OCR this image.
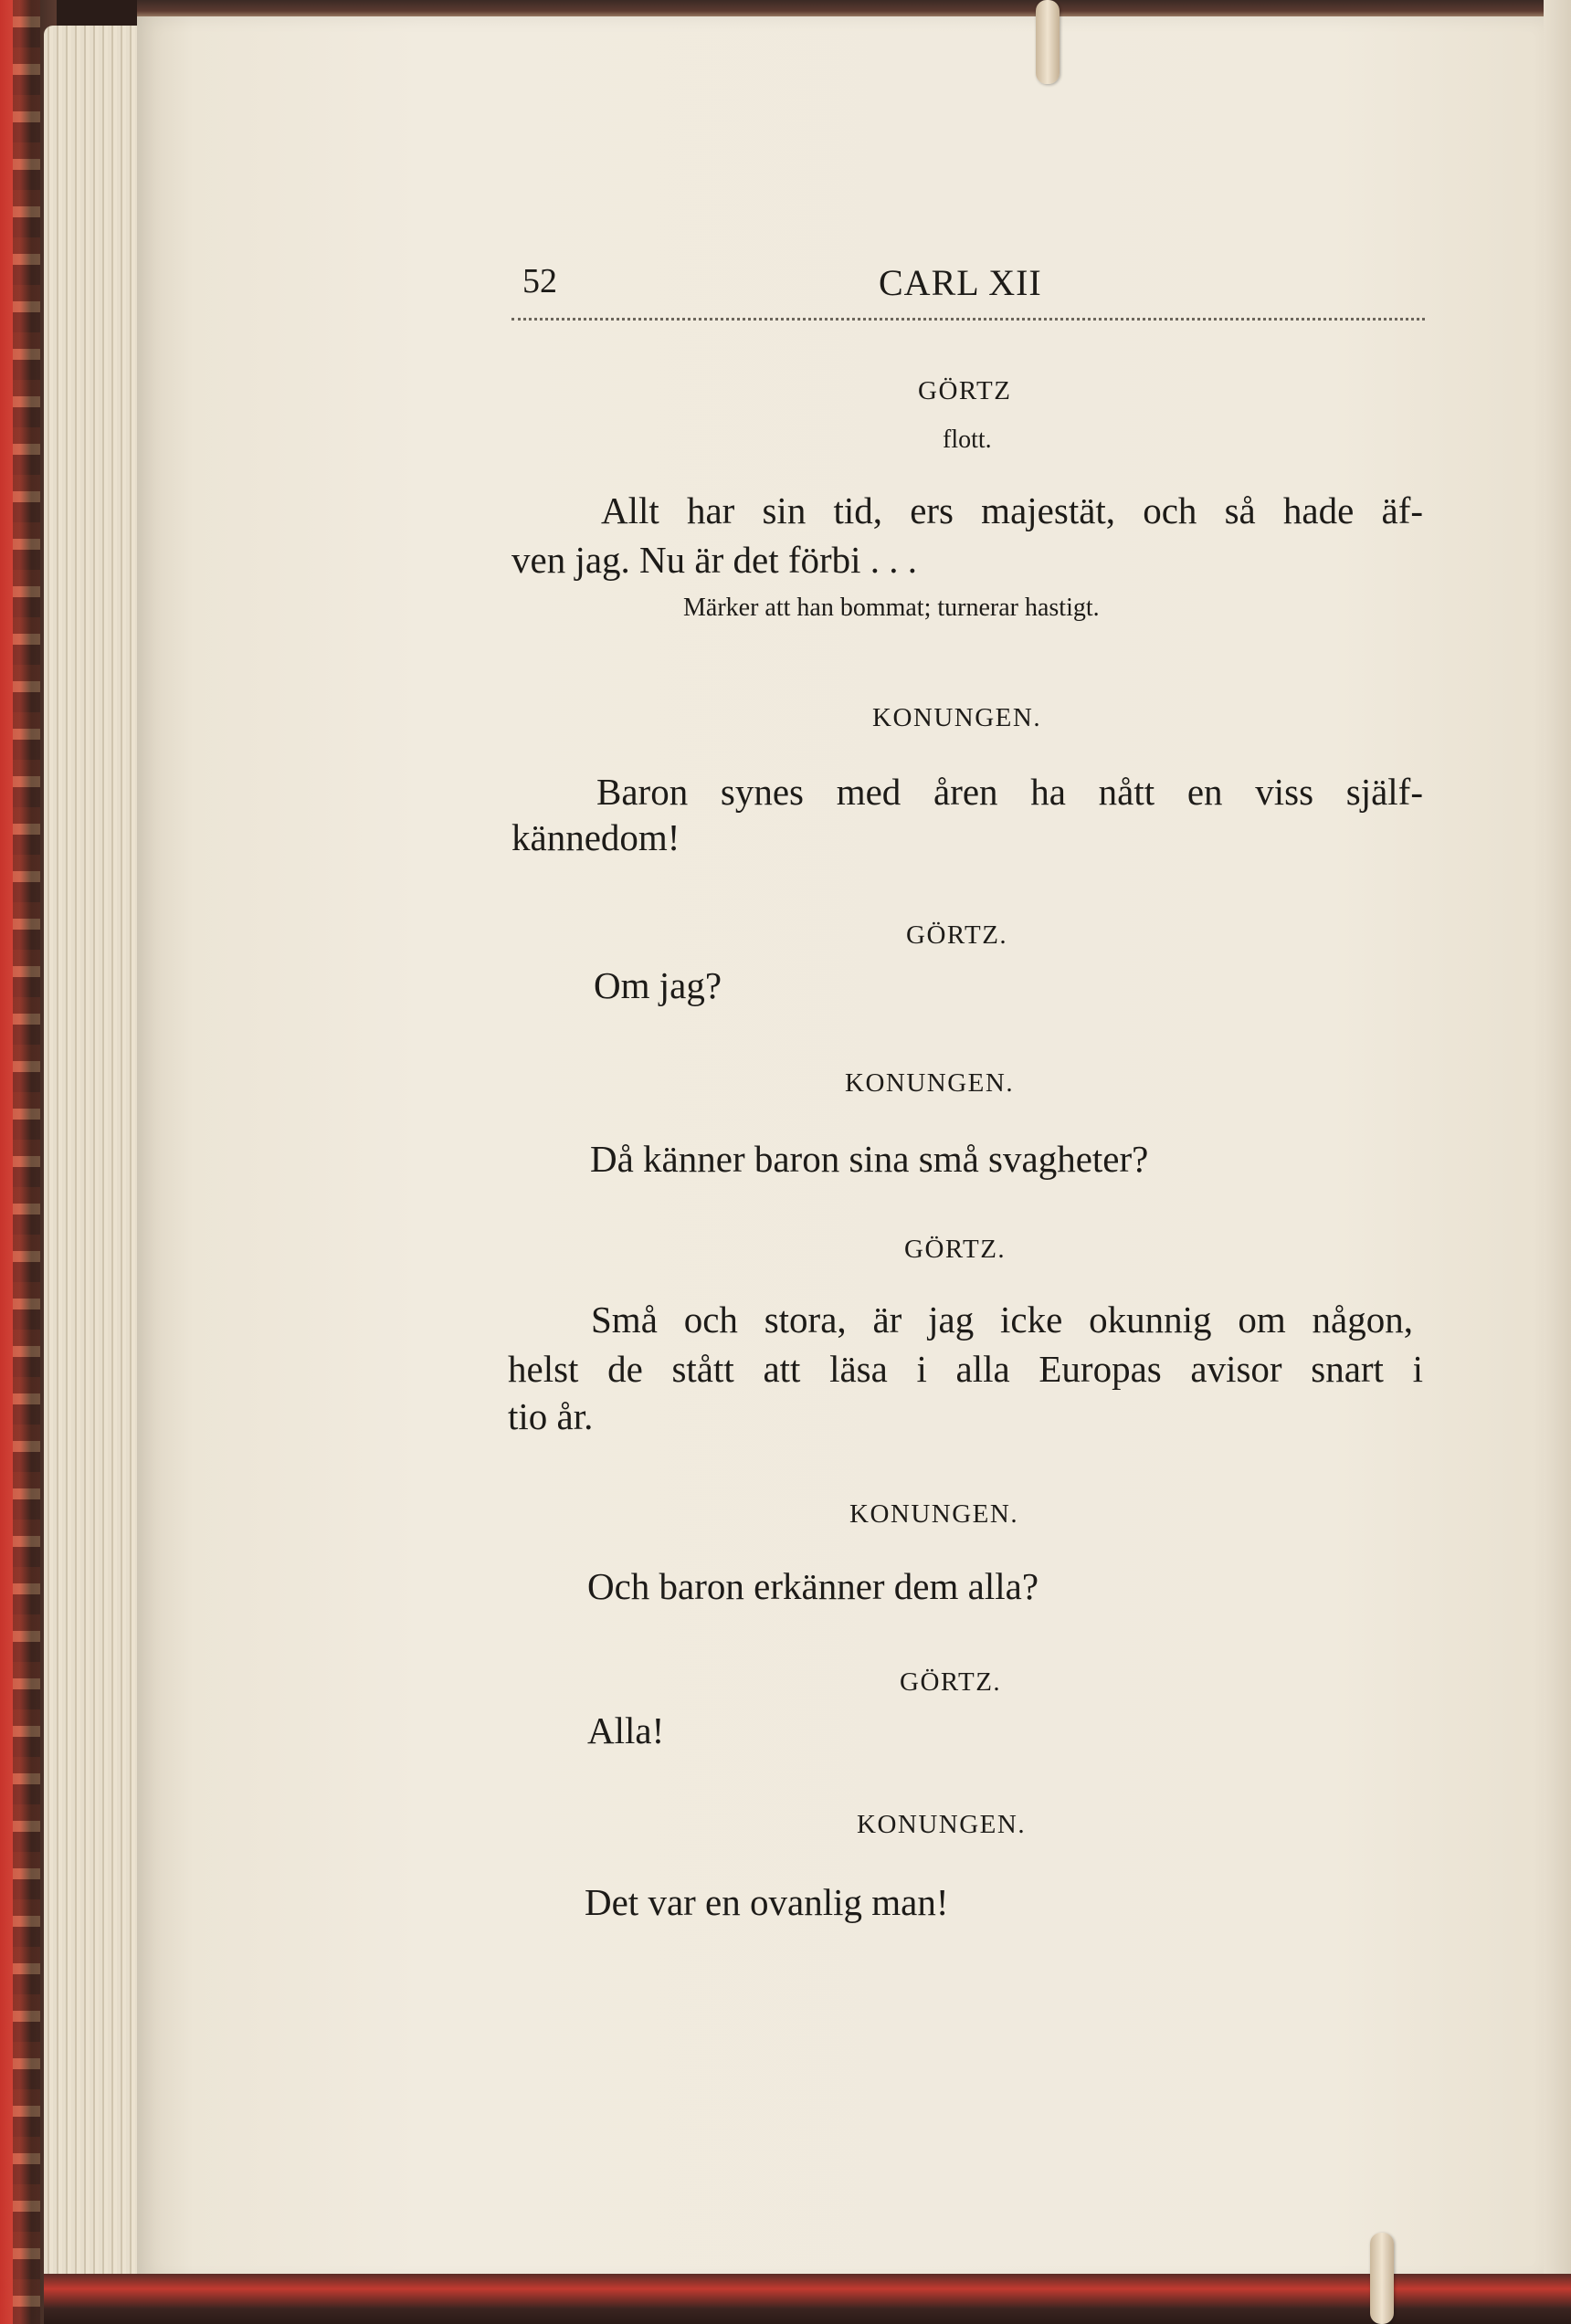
52	CARL XII
GÖRTZ
flott.
Allt har sin tid, ers majestät, och så hade äf-
ven jag. Nu är det förbi . . .
Märker att han bommat; turnerar hastigt.
KONUNGEN.
Baron synes med åren ha nått en viss själf-
kännedom!
GÖRTZ.
Om jag?
KONUNGEN.
Då känner baron sina små svagheter?
GÖRTZ.
Små och stora, är jag icke okunnig om någon,
helst de stått att läsa i alla Europas avisor snart i
tio år.
KONUNGEN.
Och baron erkänner dem alla?
GÖRTZ.
Alla!
KONUNGEN.
Det var en ovanlig man!
